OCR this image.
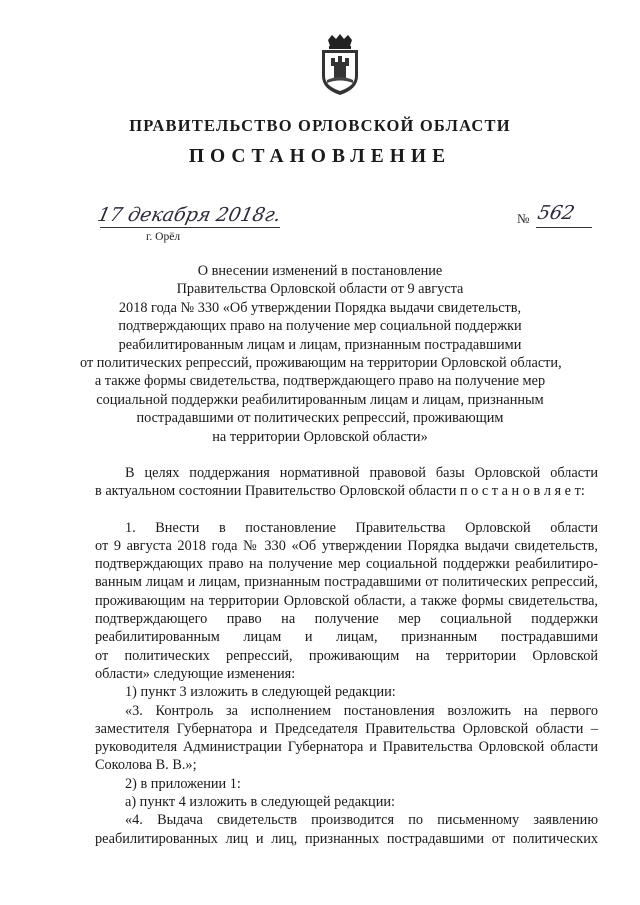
ПРАВИТЕЛЬСТВО ОРЛОВСКОЙ ОБЛАСТИ
ПОСТАНОВЛЕНИЕ
17 декабря 2018г.
г. Орёл
№ 562
О внесении изменений в постановление
Правительства Орловской области от 9 августа
2018 года № 330 «Об утверждении Порядка выдачи свидетельств,
подтверждающих право на получение мер социальной поддержки
реабилитированным лицам и лицам, признанным пострадавшими
от политических репрессий, проживающим на территории Орловской области,
а также формы свидетельства, подтверждающего право на получение мер
социальной поддержки реабилитированным лицам и лицам, признанным
пострадавшими от политических репрессий, проживающим
на территории Орловской области»
В целях поддержания нормативной правовой базы Орловской области
в актуальном состоянии Правительство Орловской области п о с т а н о в л я е т:
1. Внести в постановление Правительства Орловской области
от 9 августа 2018 года № 330 «Об утверждении Порядка выдачи свидетельств,
подтверждающих право на получение мер социальной поддержки реабилитиро-
ванным лицам и лицам, признанным пострадавшими от политических репрессий,
проживающим на территории Орловской области, а также формы свидетельства,
подтверждающего право на получение мер социальной поддержки
реабилитированным лицам и лицам, признанным пострадавшими
от политических репрессий, проживающим на территории Орловской
области» следующие изменения:
1) пункт 3 изложить в следующей редакции:
«3. Контроль за исполнением постановления возложить на первого
заместителя Губернатора и Председателя Правительства Орловской области –
руководителя Администрации Губернатора и Правительства Орловской области
Соколова В. В.»;
2) в приложении 1:
а) пункт 4 изложить в следующей редакции:
«4. Выдача свидетельств производится по письменному заявлению
реабилитированных лиц и лиц, признанных пострадавшими от политических
